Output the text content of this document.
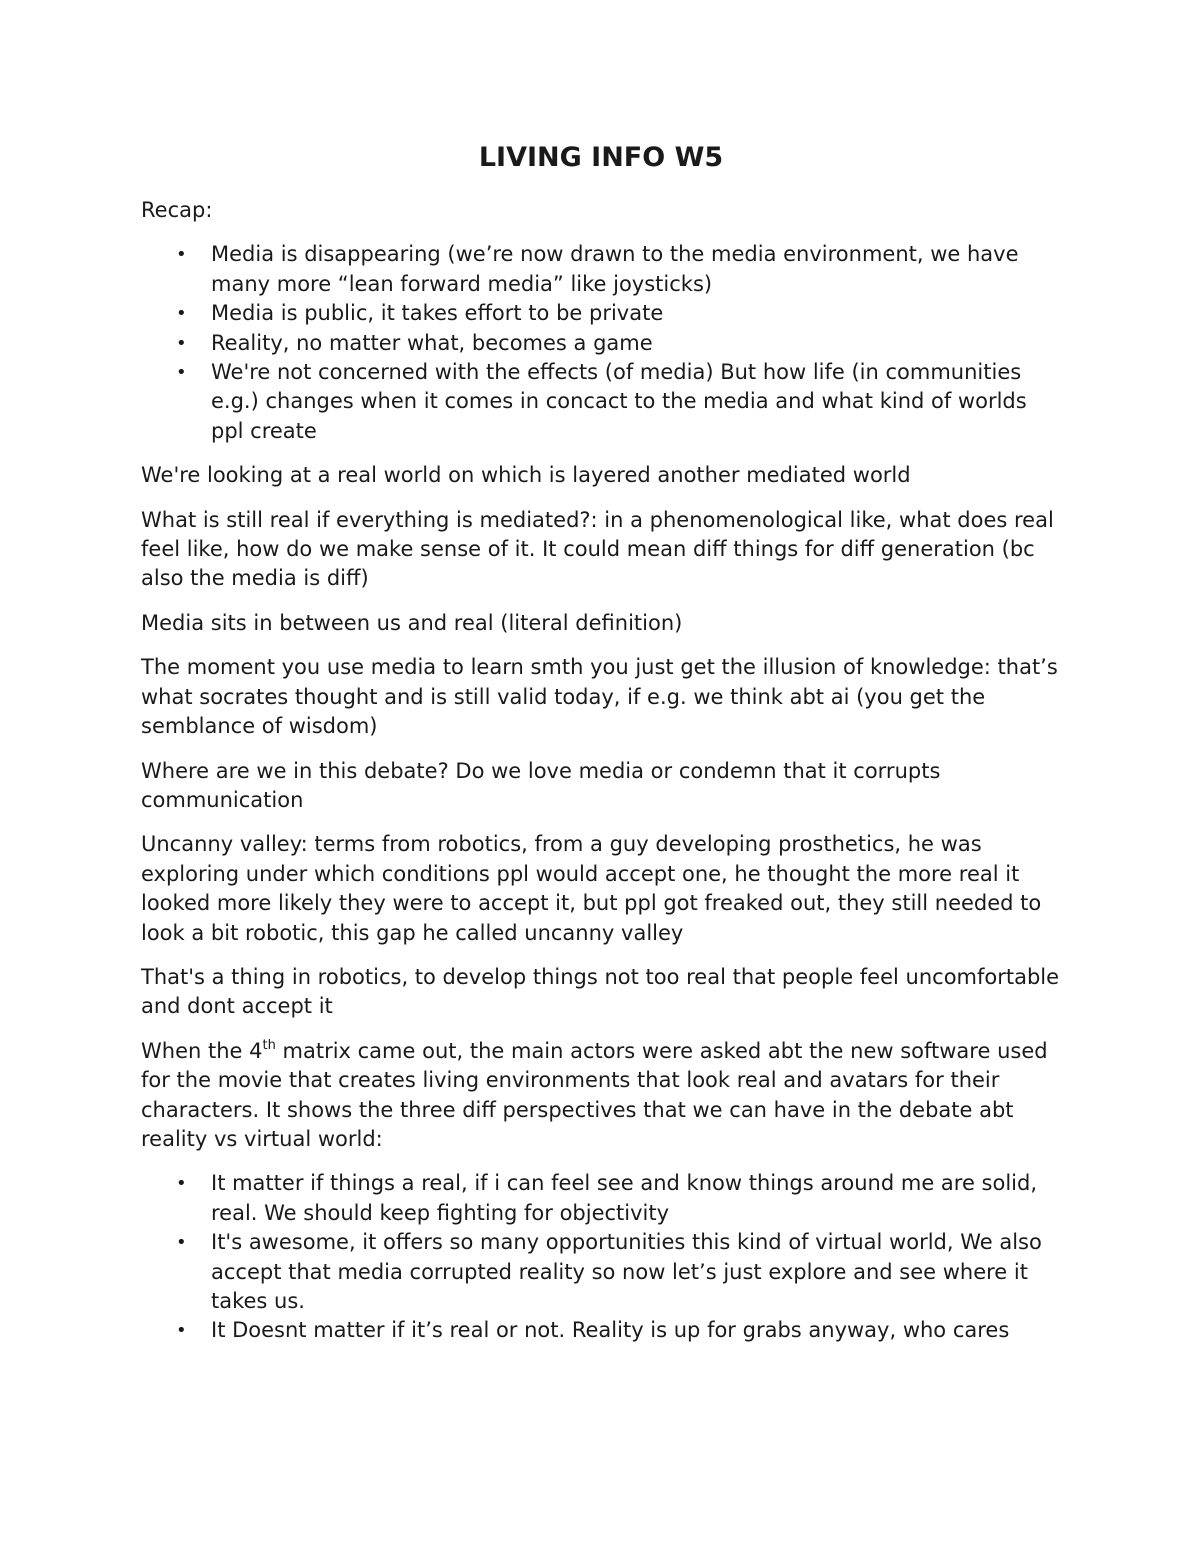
LIVING INFO W5

Recap:

• Media is disappearing (we’re now drawn to the media environment, we have many more “lean forward media” like joysticks)
• Media is public, it takes effort to be private
• Reality, no matter what, becomes a game
• We're not concerned with the effects (of media) But how life (in communities e.g.) changes when it comes in concact to the media and what kind of worlds ppl create

We're looking at a real world on which is layered another mediated world

What is still real if everything is mediated?: in a phenomenological like, what does real feel like, how do we make sense of it. It could mean diff things for diff generation (bc also the media is diff)

Media sits in between us and real (literal definition)

The moment you use media to learn smth you just get the illusion of knowledge: that’s what socrates thought and is still valid today, if e.g. we think abt ai (you get the semblance of wisdom)

Where are we in this debate? Do we love media or condemn that it corrupts communication

Uncanny valley: terms from robotics, from a guy developing prosthetics, he was exploring under which conditions ppl would accept one, he thought the more real it looked more likely they were to accept it, but ppl got freaked out, they still needed to look a bit robotic, this gap he called uncanny valley

That's a thing in robotics, to develop things not too real that people feel uncomfortable and dont accept it

When the 4th matrix came out, the main actors were asked abt the new software used for the movie that creates living environments that look real and avatars for their characters. It shows the three diff perspectives that we can have in the debate abt reality vs virtual world:

• It matter if things a real, if i can feel see and know things around me are solid, real. We should keep fighting for objectivity
• It's awesome, it offers so many opportunities this kind of virtual world, We also accept that media corrupted reality so now let’s just explore and see where it takes us.
• It Doesnt matter if it’s real or not. Reality is up for grabs anyway, who cares
